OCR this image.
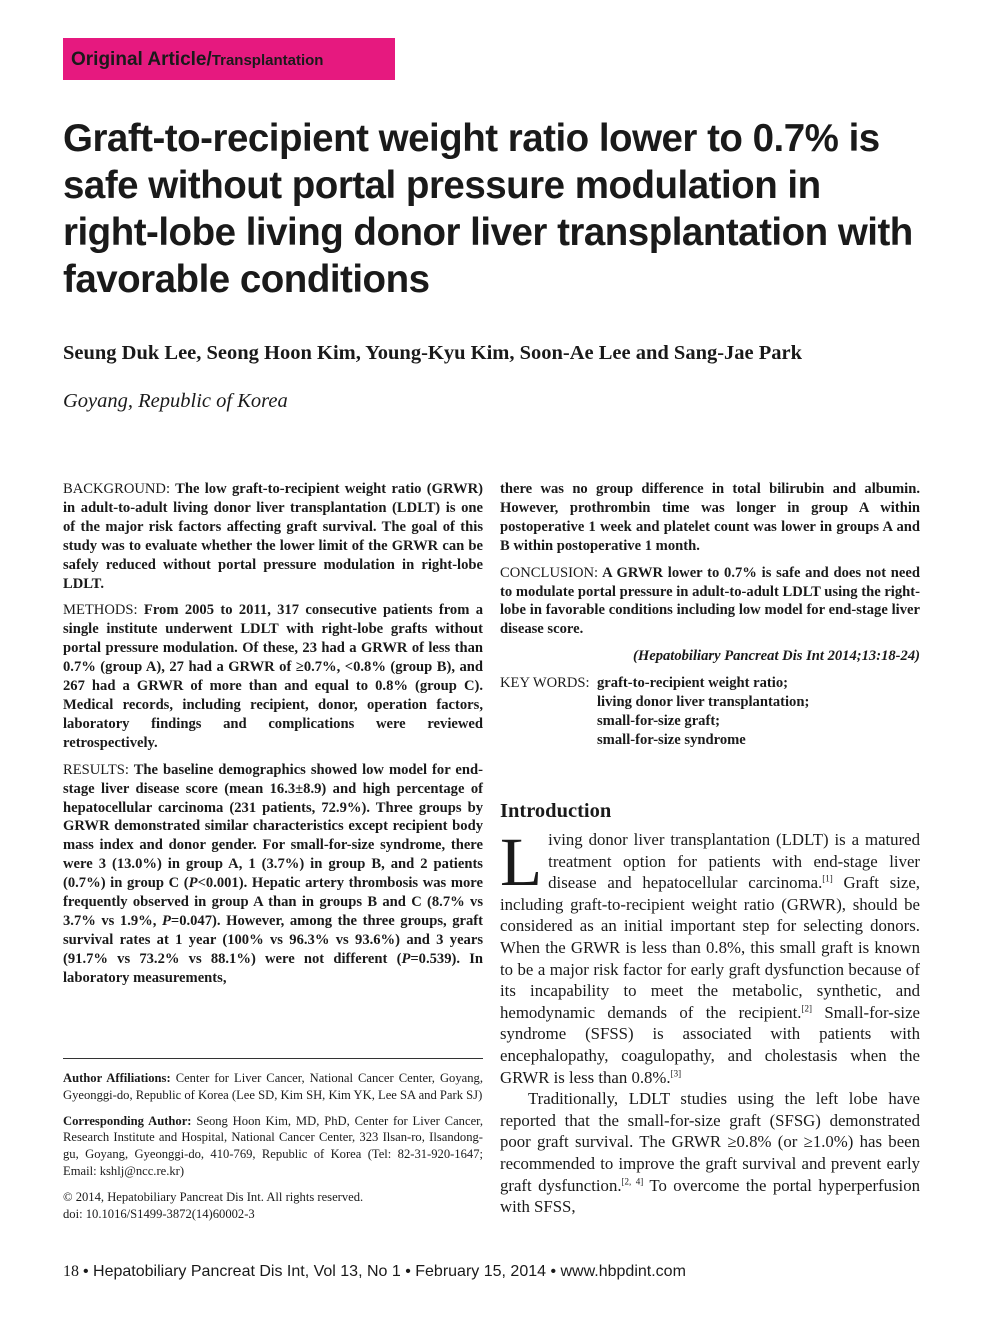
Original Article/Transplantation
Graft-to-recipient weight ratio lower to 0.7% is safe without portal pressure modulation in right-lobe living donor liver transplantation with favorable conditions
Seung Duk Lee, Seong Hoon Kim, Young-Kyu Kim, Soon-Ae Lee and Sang-Jae Park
Goyang, Republic of Korea

BACKGROUND: The low graft-to-recipient weight ratio (GRWR) in adult-to-adult living donor liver transplantation (LDLT) is one of the major risk factors affecting graft survival. The goal of this study was to evaluate whether the lower limit of the GRWR can be safely reduced without portal pressure modulation in right-lobe LDLT.

METHODS: From 2005 to 2011, 317 consecutive patients from a single institute underwent LDLT with right-lobe grafts without portal pressure modulation. Of these, 23 had a GRWR of less than 0.7% (group A), 27 had a GRWR of ≥0.7%, <0.8% (group B), and 267 had a GRWR of more than and equal to 0.8% (group C). Medical records, including recipient, donor, operation factors, laboratory findings and complications were reviewed retrospectively.

RESULTS: The baseline demographics showed low model for end-stage liver disease score (mean 16.3±8.9) and high percentage of hepatocellular carcinoma (231 patients, 72.9%). Three groups by GRWR demonstrated similar characteristics except recipient body mass index and donor gender. For small-for-size syndrome, there were 3 (13.0%) in group A, 1 (3.7%) in group B, and 2 patients (0.7%) in group C (P<0.001). Hepatic artery thrombosis was more frequently observed in group A than in groups B and C (8.7% vs 3.7% vs 1.9%, P=0.047). However, among the three groups, graft survival rates at 1 year (100% vs 96.3% vs 93.6%) and 3 years (91.7% vs 73.2% vs 88.1%) were not different (P=0.539). In laboratory measurements,

there was no group difference in total bilirubin and albumin. However, prothrombin time was longer in group A within postoperative 1 week and platelet count was lower in groups A and B within postoperative 1 month.

CONCLUSION: A GRWR lower to 0.7% is safe and does not need to modulate portal pressure in adult-to-adult LDLT using the right-lobe in favorable conditions including low model for end-stage liver disease score.

(Hepatobiliary Pancreat Dis Int 2014;13:18-24)

KEY WORDS: graft-to-recipient weight ratio;
living donor liver transplantation;
small-for-size graft;
small-for-size syndrome

Author Affiliations: Center for Liver Cancer, National Cancer Center, Goyang, Gyeonggi-do, Republic of Korea (Lee SD, Kim SH, Kim YK, Lee SA and Park SJ)

Corresponding Author: Seong Hoon Kim, MD, PhD, Center for Liver Cancer, Research Institute and Hospital, National Cancer Center, 323 Ilsan-ro, Ilsandong-gu, Goyang, Gyeonggi-do, 410-769, Republic of Korea (Tel: 82-31-920-1647; Email: kshlj@ncc.re.kr)

© 2014, Hepatobiliary Pancreat Dis Int. All rights reserved.
doi: 10.1016/S1499-3872(14)60002-3
Introduction

Living donor liver transplantation (LDLT) is a matured treatment option for patients with end-stage liver disease and hepatocellular carcinoma.[1] Graft size, including graft-to-recipient weight ratio (GRWR), should be considered as an initial important step for selecting donors. When the GRWR is less than 0.8%, this small graft is known to be a major risk factor for early graft dysfunction because of its incapability to meet the metabolic, synthetic, and hemodynamic demands of the recipient.[2] Small-for-size syndrome (SFSS) is associated with patients with encephalopathy, coagulopathy, and cholestasis when the GRWR is less than 0.8%.[3]

Traditionally, LDLT studies using the left lobe have reported that the small-for-size graft (SFSG) demonstrated poor graft survival. The GRWR ≥0.8% (or ≥1.0%) has been recommended to improve the graft survival and prevent early graft dysfunction.[2, 4] To overcome the portal hyperperfusion with SFSS,

18 • Hepatobiliary Pancreat Dis Int, Vol 13, No 1 • February 15, 2014 • www.hbpdint.com
